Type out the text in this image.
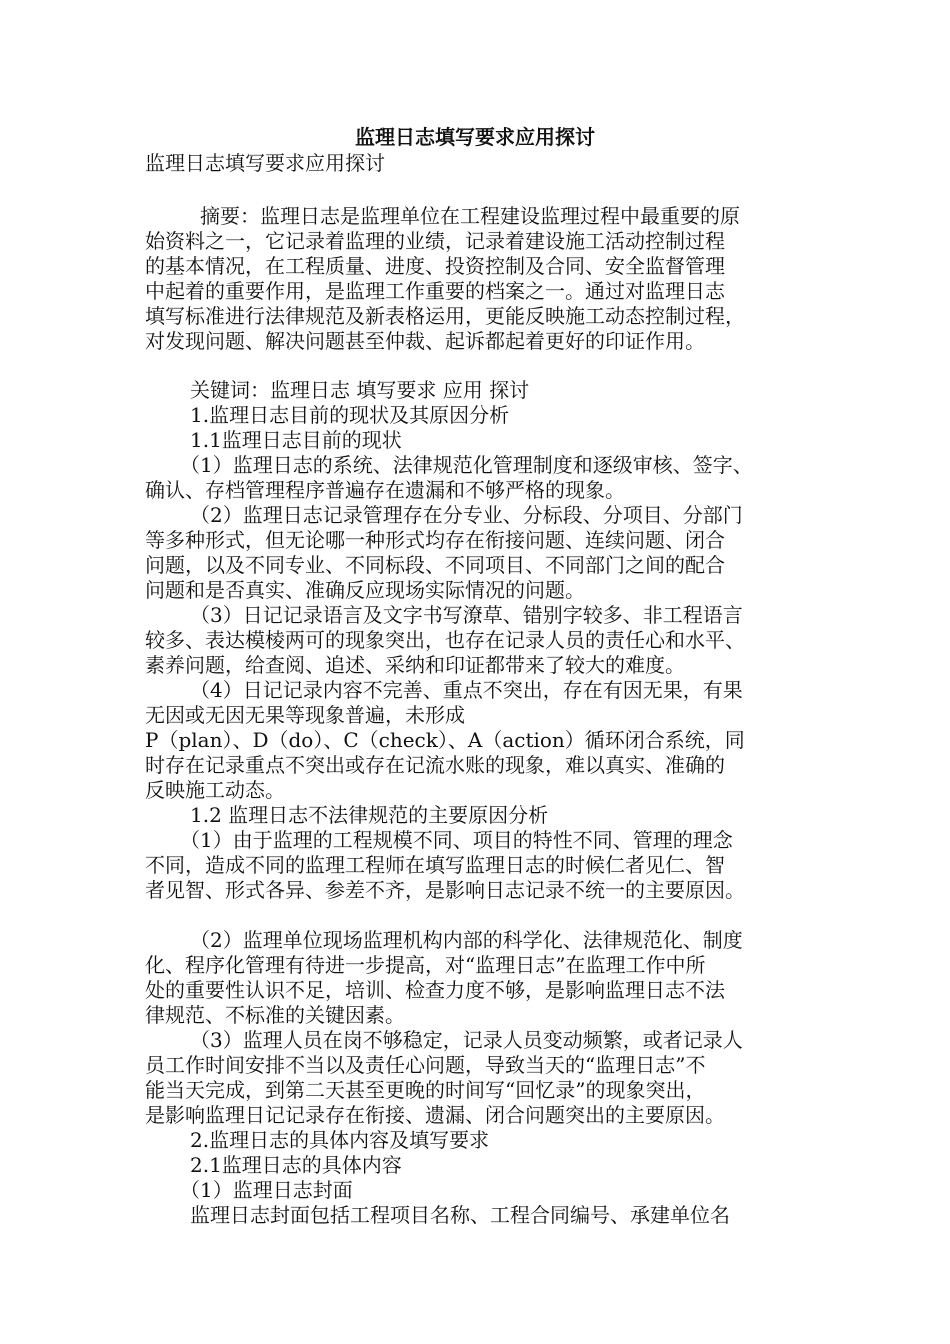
监理日志填写要求应用探讨
监理日志填写要求应用探讨
摘要：监理日志是监理单位在工程建设监理过程中最重要的原
始资料之一，它记录着监理的业绩，记录着建设施工活动控制过程
的基本情况，在工程质量、进度、投资控制及合同、安全监督管理
中起着的重要作用，是监理工作重要的档案之一。通过对监理日志
填写标准进行法律规范及新表格运用，更能反映施工动态控制过程，
对发现问题、解决问题甚至仲裁、起诉都起着更好的印证作用。
关键词：监理日志 填写要求 应用 探讨
1.监理日志目前的现状及其原因分析
1.1监理日志目前的现状
（1）监理日志的系统、法律规范化管理制度和逐级审核、签字、
确认、存档管理程序普遍存在遗漏和不够严格的现象。
（2）监理日志记录管理存在分专业、分标段、分项目、分部门
等多种形式，但无论哪一种形式均存在衔接问题、连续问题、闭合
问题，以及不同专业、不同标段、不同项目、不同部门之间的配合
问题和是否真实、准确反应现场实际情况的问题。
（3）日记记录语言及文字书写潦草、错别字较多、非工程语言
较多、表达模棱两可的现象突出，也存在记录人员的责任心和水平、
素养问题，给查阅、追述、采纳和印证都带来了较大的难度。
（4）日记记录内容不完善、重点不突出，存在有因无果，有果
无因或无因无果等现象普遍，未形成
P（plan）、D（do）、C（check）、A（action）循环闭合系统，同
时存在记录重点不突出或存在记流水账的现象，难以真实、准确的
反映施工动态。
1.2 监理日志不法律规范的主要原因分析
（1）由于监理的工程规模不同、项目的特性不同、管理的理念
不同，造成不同的监理工程师在填写监理日志的时候仁者见仁、智
者见智、形式各异、参差不齐，是影响日志记录不统一的主要原因。
（2）监理单位现场监理机构内部的科学化、法律规范化、制度
化、程序化管理有待进一步提高，对“监理日志”在监理工作中所
处的重要性认识不足，培训、检查力度不够，是影响监理日志不法
律规范、不标准的关键因素。
（3）监理人员在岗不够稳定，记录人员变动频繁，或者记录人
员工作时间安排不当以及责任心问题，导致当天的“监理日志”不
能当天完成，到第二天甚至更晚的时间写“回忆录”的现象突出，
是影响监理日记记录存在衔接、遗漏、闭合问题突出的主要原因。
2.监理日志的具体内容及填写要求
2.1监理日志的具体内容
（1）监理日志封面
监理日志封面包括工程项目名称、工程合同编号、承建单位名
